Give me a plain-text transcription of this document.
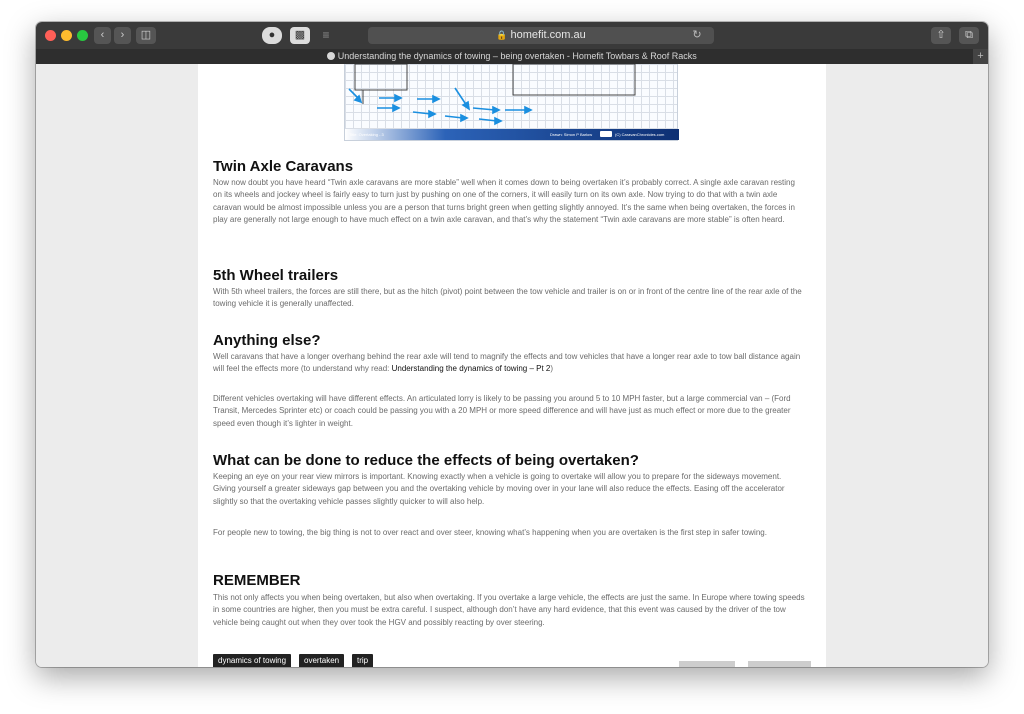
‹	›	◫	●	▩	≡	🔒 homefit.com.au	↻	⇧	⧉
Understanding the dynamics of towing – being overtaken - Homefit Towbars & Roof Racks	+
Title: Overtaking - 3	Drawn: Simon P Barlow	(C) CaravanChronicles.com
Twin Axle Caravans

Now now doubt you have heard “Twin axle caravans are more stable” well when it comes down to being overtaken it’s probably correct. A single axle caravan resting on its wheels and jockey wheel is fairly easy to turn just by pushing on one of the corners, it will easily turn on its own axle. Now trying to do that with a twin axle caravan would be almost impossible unless you are a person that turns bright green when getting slightly annoyed. It’s the same when being overtaken, the forces in play are generally not large enough to have much effect on a twin axle caravan, and that’s why the statement “Twin axle caravans are more stable” is often heard.

5th Wheel trailers

With 5th wheel trailers, the forces are still there, but as the hitch (pivot) point between the tow vehicle and trailer is on or in front of the centre line of the rear axle of the towing vehicle it is generally unaffected.

Anything else?

Well caravans that have a longer overhang behind the rear axle will tend to magnify the effects and tow vehicles that have a longer rear axle to tow ball distance again will feel the effects more (to understand why read: Understanding the dynamics of towing – Pt 2)

Different vehicles overtaking will have different effects. An articulated lorry is likely to be passing you around 5 to 10 MPH faster, but a large commercial van – (Ford Transit, Mercedes Sprinter etc) or coach could be passing you with a 20 MPH or more speed difference and will have just as much effect or more due to the greater speed even though it’s lighter in weight.

What can be done to reduce the effects of being overtaken?

Keeping an eye on your rear view mirrors is important. Knowing exactly when a vehicle is going to overtake will allow you to prepare for the sideways movement. Giving yourself a greater sideways gap between you and the overtaking vehicle by moving over in your lane will also reduce the effects. Easing off the accelerator slightly so that the overtaking vehicle passes slightly quicker to will also help.

For people new to towing, the big thing is not to over react and over steer, knowing what’s happening when you are overtaken is the first step in safer towing.

REMEMBER

This not only affects you when being overtaken, but also when overtaking. If you overtake a large vehicle, the effects are just the same. In Europe where towing speeds in some countries are higher, then you must be extra careful. I suspect, although don’t have any hard evidence, that this event was caused by the driver of the tow vehicle being caught out when they over took the HGV and possibly reacting by over steering.

dynamics of towing	overtaken	trip
